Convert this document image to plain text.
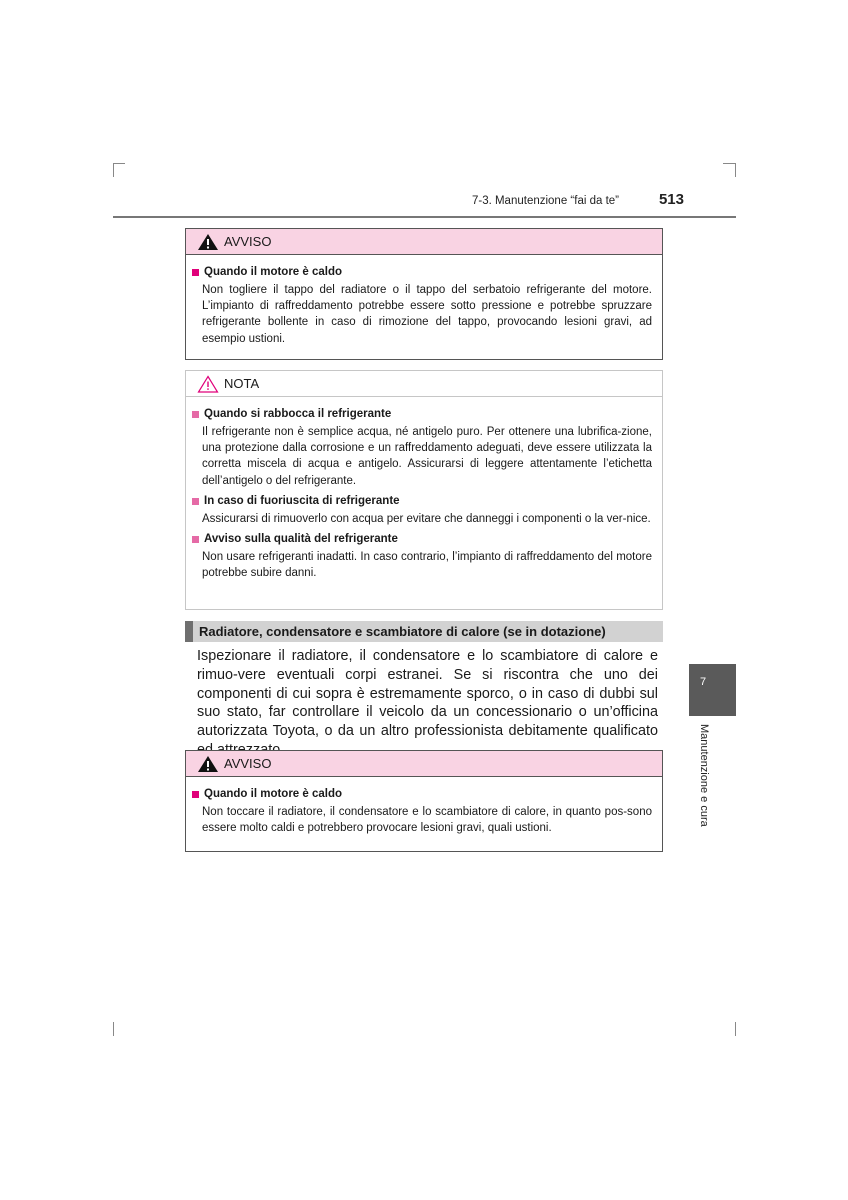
7-3. Manutenzione “fai da te”	513
AVVISO
Quando il motore è caldo
Non togliere il tappo del radiatore o il tappo del serbatoio refrigerante del motore. L’impianto di raffreddamento potrebbe essere sotto pressione e potrebbe spruzzare refrigerante bollente in caso di rimozione del tappo, provocando lesioni gravi, ad esempio ustioni.
NOTA
Quando si rabbocca il refrigerante
Il refrigerante non è semplice acqua, né antigelo puro. Per ottenere una lubrifica-zione, una protezione dalla corrosione e un raffreddamento adeguati, deve essere utilizzata la corretta miscela di acqua e antigelo. Assicurarsi di leggere attentamente l’etichetta dell’antigelo o del refrigerante.
In caso di fuoriuscita di refrigerante
Assicurarsi di rimuoverlo con acqua per evitare che danneggi i componenti o la ver-nice.
Avviso sulla qualità del refrigerante
Non usare refrigeranti inadatti. In caso contrario, l’impianto di raffreddamento del motore potrebbe subire danni.
Radiatore, condensatore e scambiatore di calore (se in dotazione)
Ispezionare il radiatore, il condensatore e lo scambiatore di calore e rimuo-vere eventuali corpi estranei. Se si riscontra che uno dei componenti di cui sopra è estremamente sporco, o in caso di dubbi sul suo stato, far controllare il veicolo da un concessionario o un’officina autorizzata Toyota, o da un altro professionista debitamente qualificato
AVVISO
Quando il motore è caldo
Non toccare il radiatore, il condensatore e lo scambiatore di calore, in quanto pos-sono essere molto caldi e potrebbero provocare lesioni gravi, quali ustioni.
7
Manutenzione e cura
